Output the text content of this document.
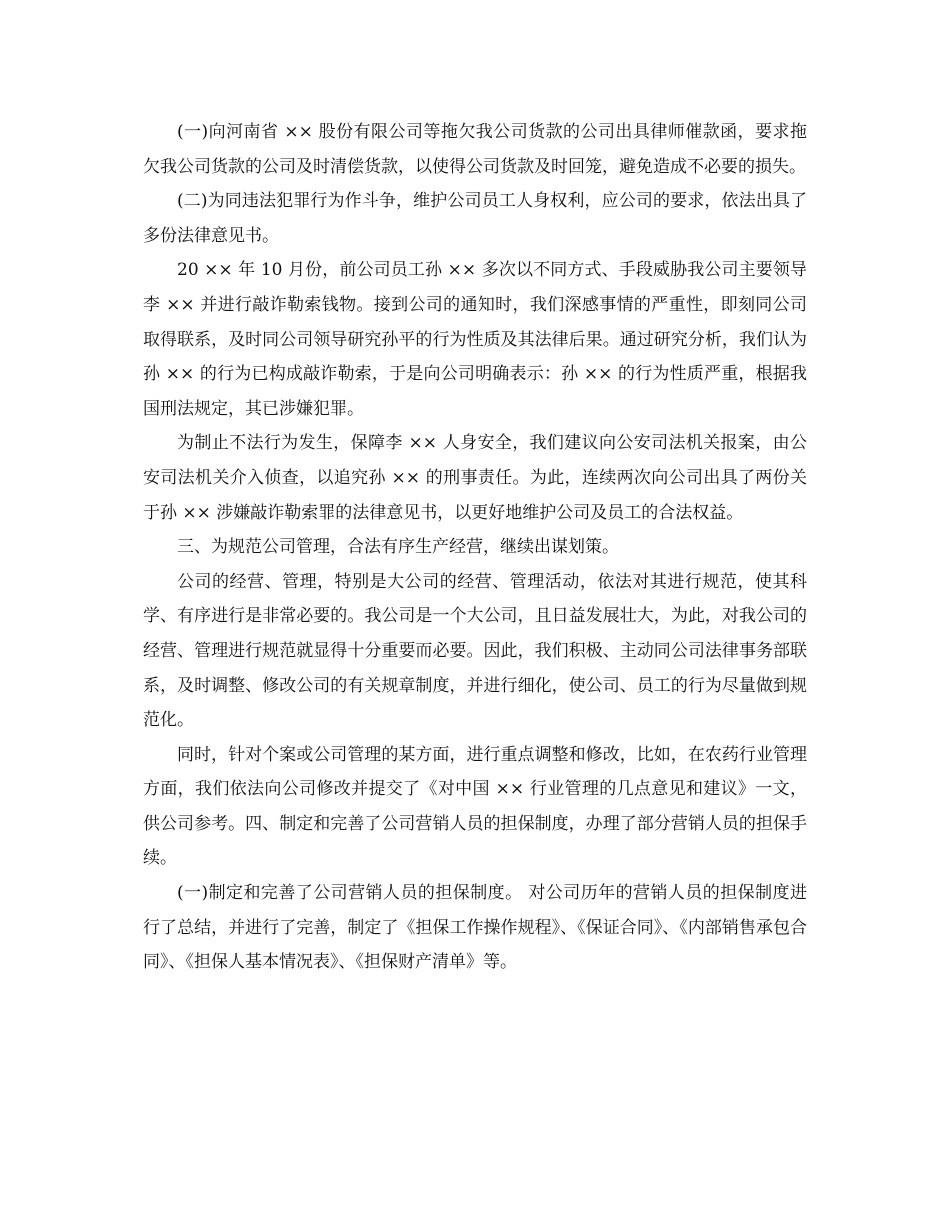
(一)向河南省 ×× 股份有限公司等拖欠我公司货款的公司出具律师催款函，要求拖欠我公司货款的公司及时清偿货款，以使得公司货款及时回笼，避免造成不必要的损失。

(二)为同违法犯罪行为作斗争，维护公司员工人身权利，应公司的要求，依法出具了多份法律意见书。

20 ×× 年 10 月份，前公司员工孙 ×× 多次以不同方式、手段威胁我公司主要领导李 ×× 并进行敲诈勒索钱物。接到公司的通知时，我们深感事情的严重性，即刻同公司取得联系，及时同公司领导研究孙平的行为性质及其法律后果。通过研究分析，我们认为孙 ×× 的行为已构成敲诈勒索，于是向公司明确表示：孙 ×× 的行为性质严重，根据我国刑法规定，其已涉嫌犯罪。

为制止不法行为发生，保障李 ×× 人身安全，我们建议向公安司法机关报案，由公安司法机关介入侦查，以追究孙 ×× 的刑事责任。为此，连续两次向公司出具了两份关于孙 ×× 涉嫌敲诈勒索罪的法律意见书，以更好地维护公司及员工的合法权益。

三、为规范公司管理，合法有序生产经营，继续出谋划策。

公司的经营、管理，特别是大公司的经营、管理活动，依法对其进行规范，使其科学、有序进行是非常必要的。我公司是一个大公司，且日益发展壮大，为此，对我公司的经营、管理进行规范就显得十分重要而必要。因此，我们积极、主动同公司法律事务部联系，及时调整、修改公司的有关规章制度，并进行细化，使公司、员工的行为尽量做到规范化。

同时，针对个案或公司管理的某方面，进行重点调整和修改，比如，在农药行业管理方面，我们依法向公司修改并提交了《对中国 ×× 行业管理的几点意见和建议》一文，供公司参考。四、制定和完善了公司营销人员的担保制度，办理了部分营销人员的担保手续。

(一)制定和完善了公司营销人员的担保制度。 对公司历年的营销人员的担保制度进行了总结，并进行了完善，制定了《担保工作操作规程》、《保证合同》、《内部销售承包合同》、《担保人基本情况表》、《担保财产清单》等。
